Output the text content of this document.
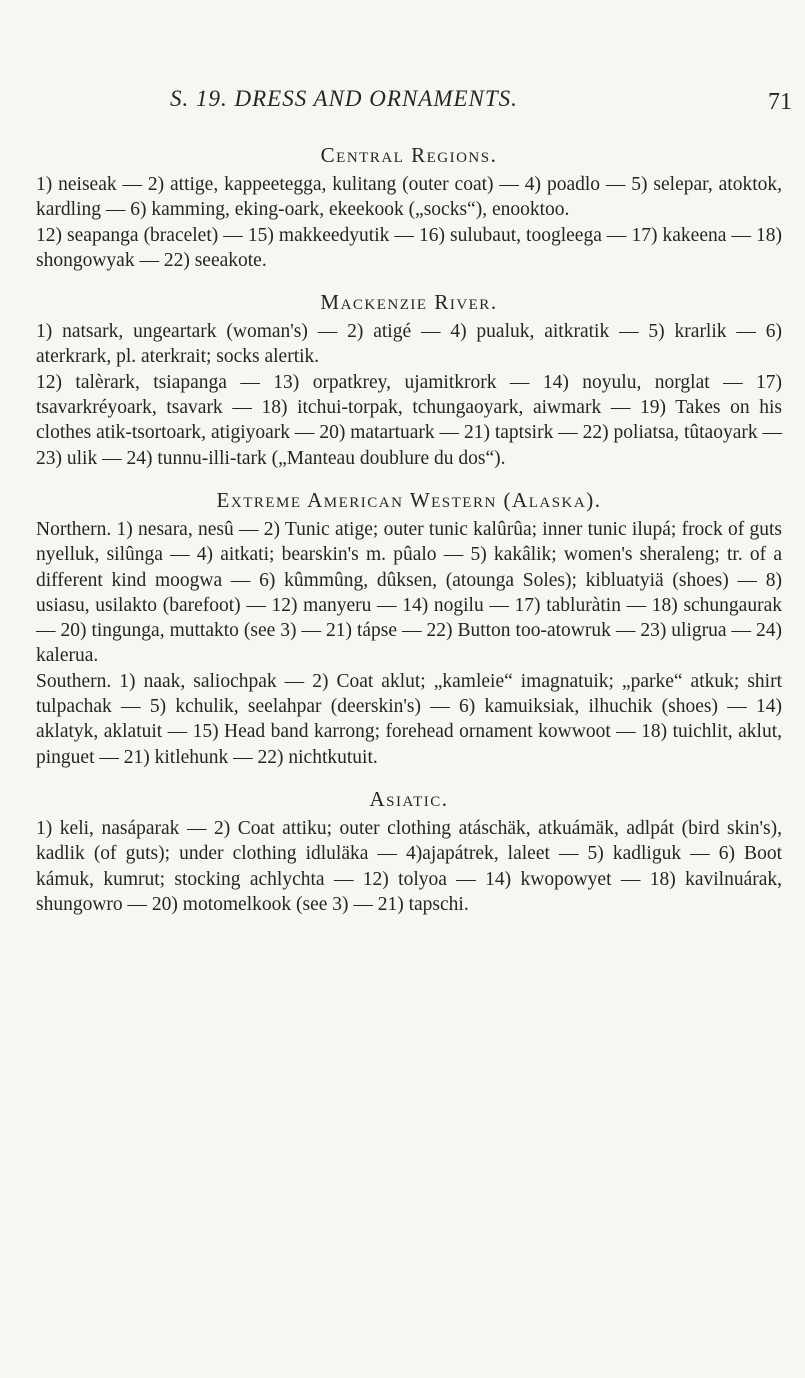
S. 19. DRESS AND ORNAMENTS.	71
Central Regions.

1) neiseak — 2) attige, kappeetegga, kulitang (outer coat) — 4) poadlo — 5) selepar, atoktok, kardling — 6) kamming, eking-oark, ekeekook („socks“), enooktoo.

12) seapanga (bracelet) — 15) makkeedyutik — 16) sulubaut, toogleega — 17) kakeena — 18) shongowyak — 22) seeakote.

Mackenzie River.

1) natsark, ungeartark (woman's) — 2) atigé — 4) pualuk, aitkratik — 5) krarlik — 6) aterkrark, pl. aterkrait; socks alertik.

12) talèrark, tsiapanga — 13) orpatkrey, ujamitkrork — 14) noyulu, norglat — 17) tsavarkréyoark, tsavark — 18) itchui-torpak, tchungaoyark, aiwmark — 19) Takes on his clothes atik-tsortoark, atigiyoark — 20) matartuark — 21) taptsirk — 22) poliatsa, tûtaoyark — 23) ulik — 24) tunnu-illi-tark („Manteau doublure du dos“).

Extreme American Western (Alaska).

Northern. 1) nesara, nesû — 2) Tunic atige; outer tunic kalûrûa; inner tunic ilupá; frock of guts nyelluk, silûnga — 4) aitkati; bearskin's m. pûalo — 5) kakâlik; women's sheraleng; tr. of a different kind moogwa — 6) kûmmûng, dûksen, (atounga Soles); kibluatyiä (shoes) — 8) usiasu, usilakto (barefoot) — 12) manyeru — 14) nogilu — 17) tabluràtin — 18) schungaurak — 20) tingunga, muttakto (see 3) — 21) tápse — 22) Button too-atowruk — 23) uligrua — 24) kalerua.

Southern. 1) naak, saliochpak — 2) Coat aklut; „kamleie“ imagnatuik; „parke“ atkuk; shirt tulpachak — 5) kchulik, seelahpar (deerskin's) — 6) kamuiksiak, ilhuchik (shoes) — 14) aklatyk, aklatuit — 15) Head band karrong; forehead ornament kowwoot — 18) tuichlit, aklut, pinguet — 21) kitlehunk — 22) nichtkutuit.

Asiatic.

1) keli, nasáparak — 2) Coat attiku; outer clothing atáschäk, atkuámäk, adlpát (bird skin's), kadlik (of guts); under clothing idluläka — 4)ajapátrek, laleet — 5) kadliguk — 6) Boot kámuk, kumrut; stocking achlychta — 12) tolyoa — 14) kwopowyet — 18) kavilnuárak, shungowro — 20) motomelkook (see 3) — 21) tapschi.
